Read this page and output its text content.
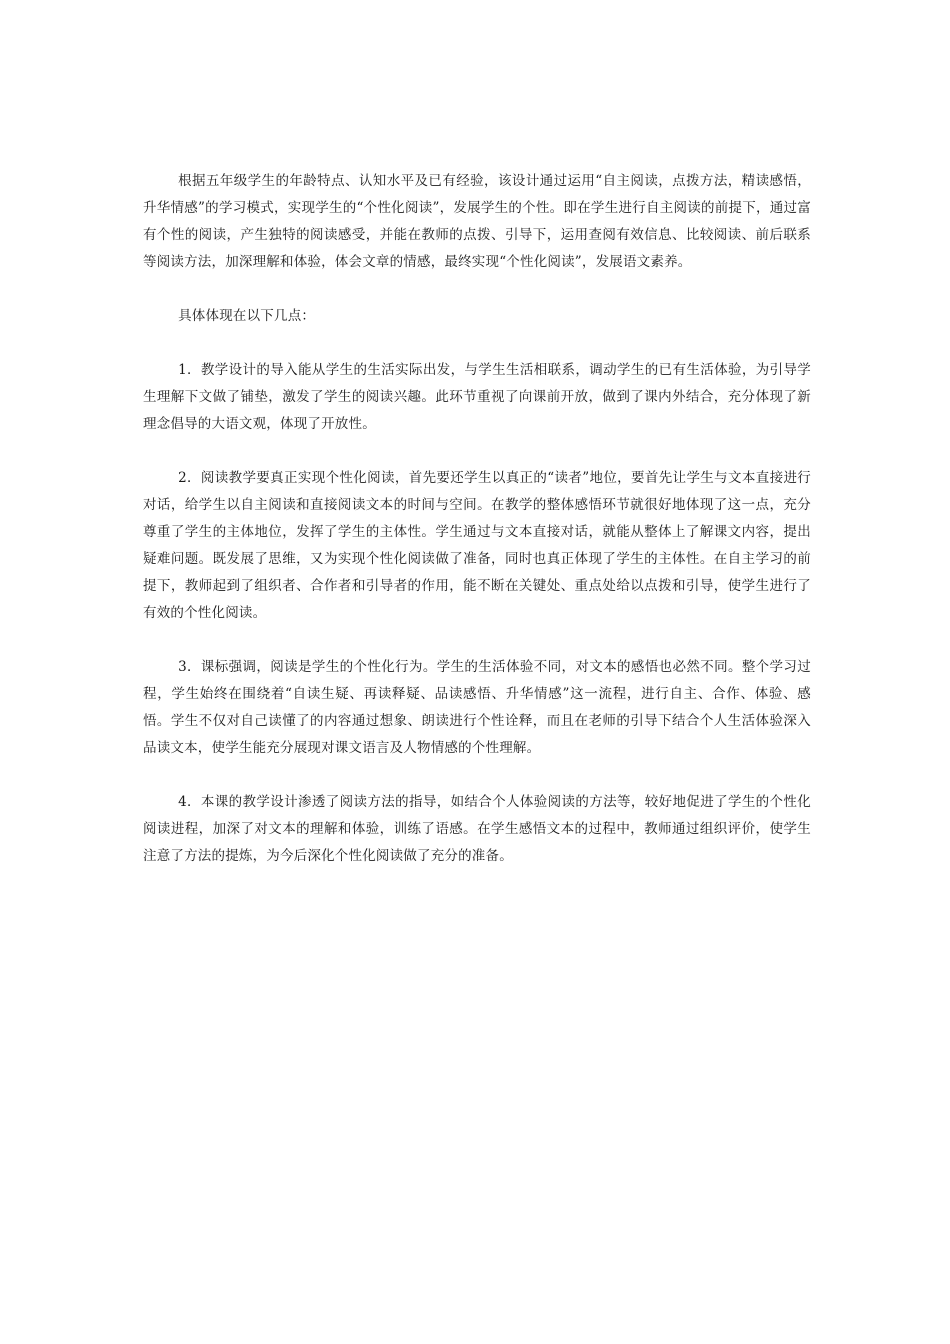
根据五年级学生的年龄特点、认知水平及已有经验，该设计通过运用“自主阅读，点拨方法，精读感悟，升华情感”的学习模式，实现学生的“个性化阅读”，发展学生的个性。即在学生进行自主阅读的前提下，通过富有个性的阅读，产生独特的阅读感受，并能在教师的点拨、引导下，运用查阅有效信息、比较阅读、前后联系等阅读方法，加深理解和体验，体会文章的情感，最终实现“个性化阅读”，发展语文素养。

具体体现在以下几点：

1．教学设计的导入能从学生的生活实际出发，与学生生活相联系，调动学生的已有生活体验，为引导学生理解下文做了铺垫，激发了学生的阅读兴趣。此环节重视了向课前开放，做到了课内外结合，充分体现了新理念倡导的大语文观，体现了开放性。

2．阅读教学要真正实现个性化阅读，首先要还学生以真正的“读者”地位，要首先让学生与文本直接进行对话，给学生以自主阅读和直接阅读文本的时间与空间。在教学的整体感悟环节就很好地体现了这一点，充分尊重了学生的主体地位，发挥了学生的主体性。学生通过与文本直接对话，就能从整体上了解课文内容，提出疑难问题。既发展了思维，又为实现个性化阅读做了准备，同时也真正体现了学生的主体性。在自主学习的前提下，教师起到了组织者、合作者和引导者的作用，能不断在关键处、重点处给以点拨和引导，使学生进行了有效的个性化阅读。

3．课标强调，阅读是学生的个性化行为。学生的生活体验不同，对文本的感悟也必然不同。整个学习过程，学生始终在围绕着“自读生疑、再读释疑、品读感悟、升华情感”这一流程，进行自主、合作、体验、感悟。学生不仅对自己读懂了的内容通过想象、朗读进行个性诠释，而且在老师的引导下结合个人生活体验深入品读文本，使学生能充分展现对课文语言及人物情感的个性理解。

4．本课的教学设计渗透了阅读方法的指导，如结合个人体验阅读的方法等，较好地促进了学生的个性化阅读进程，加深了对文本的理解和体验，训练了语感。在学生感悟文本的过程中，教师通过组织评价，使学生注意了方法的提炼，为今后深化个性化阅读做了充分的准备。
